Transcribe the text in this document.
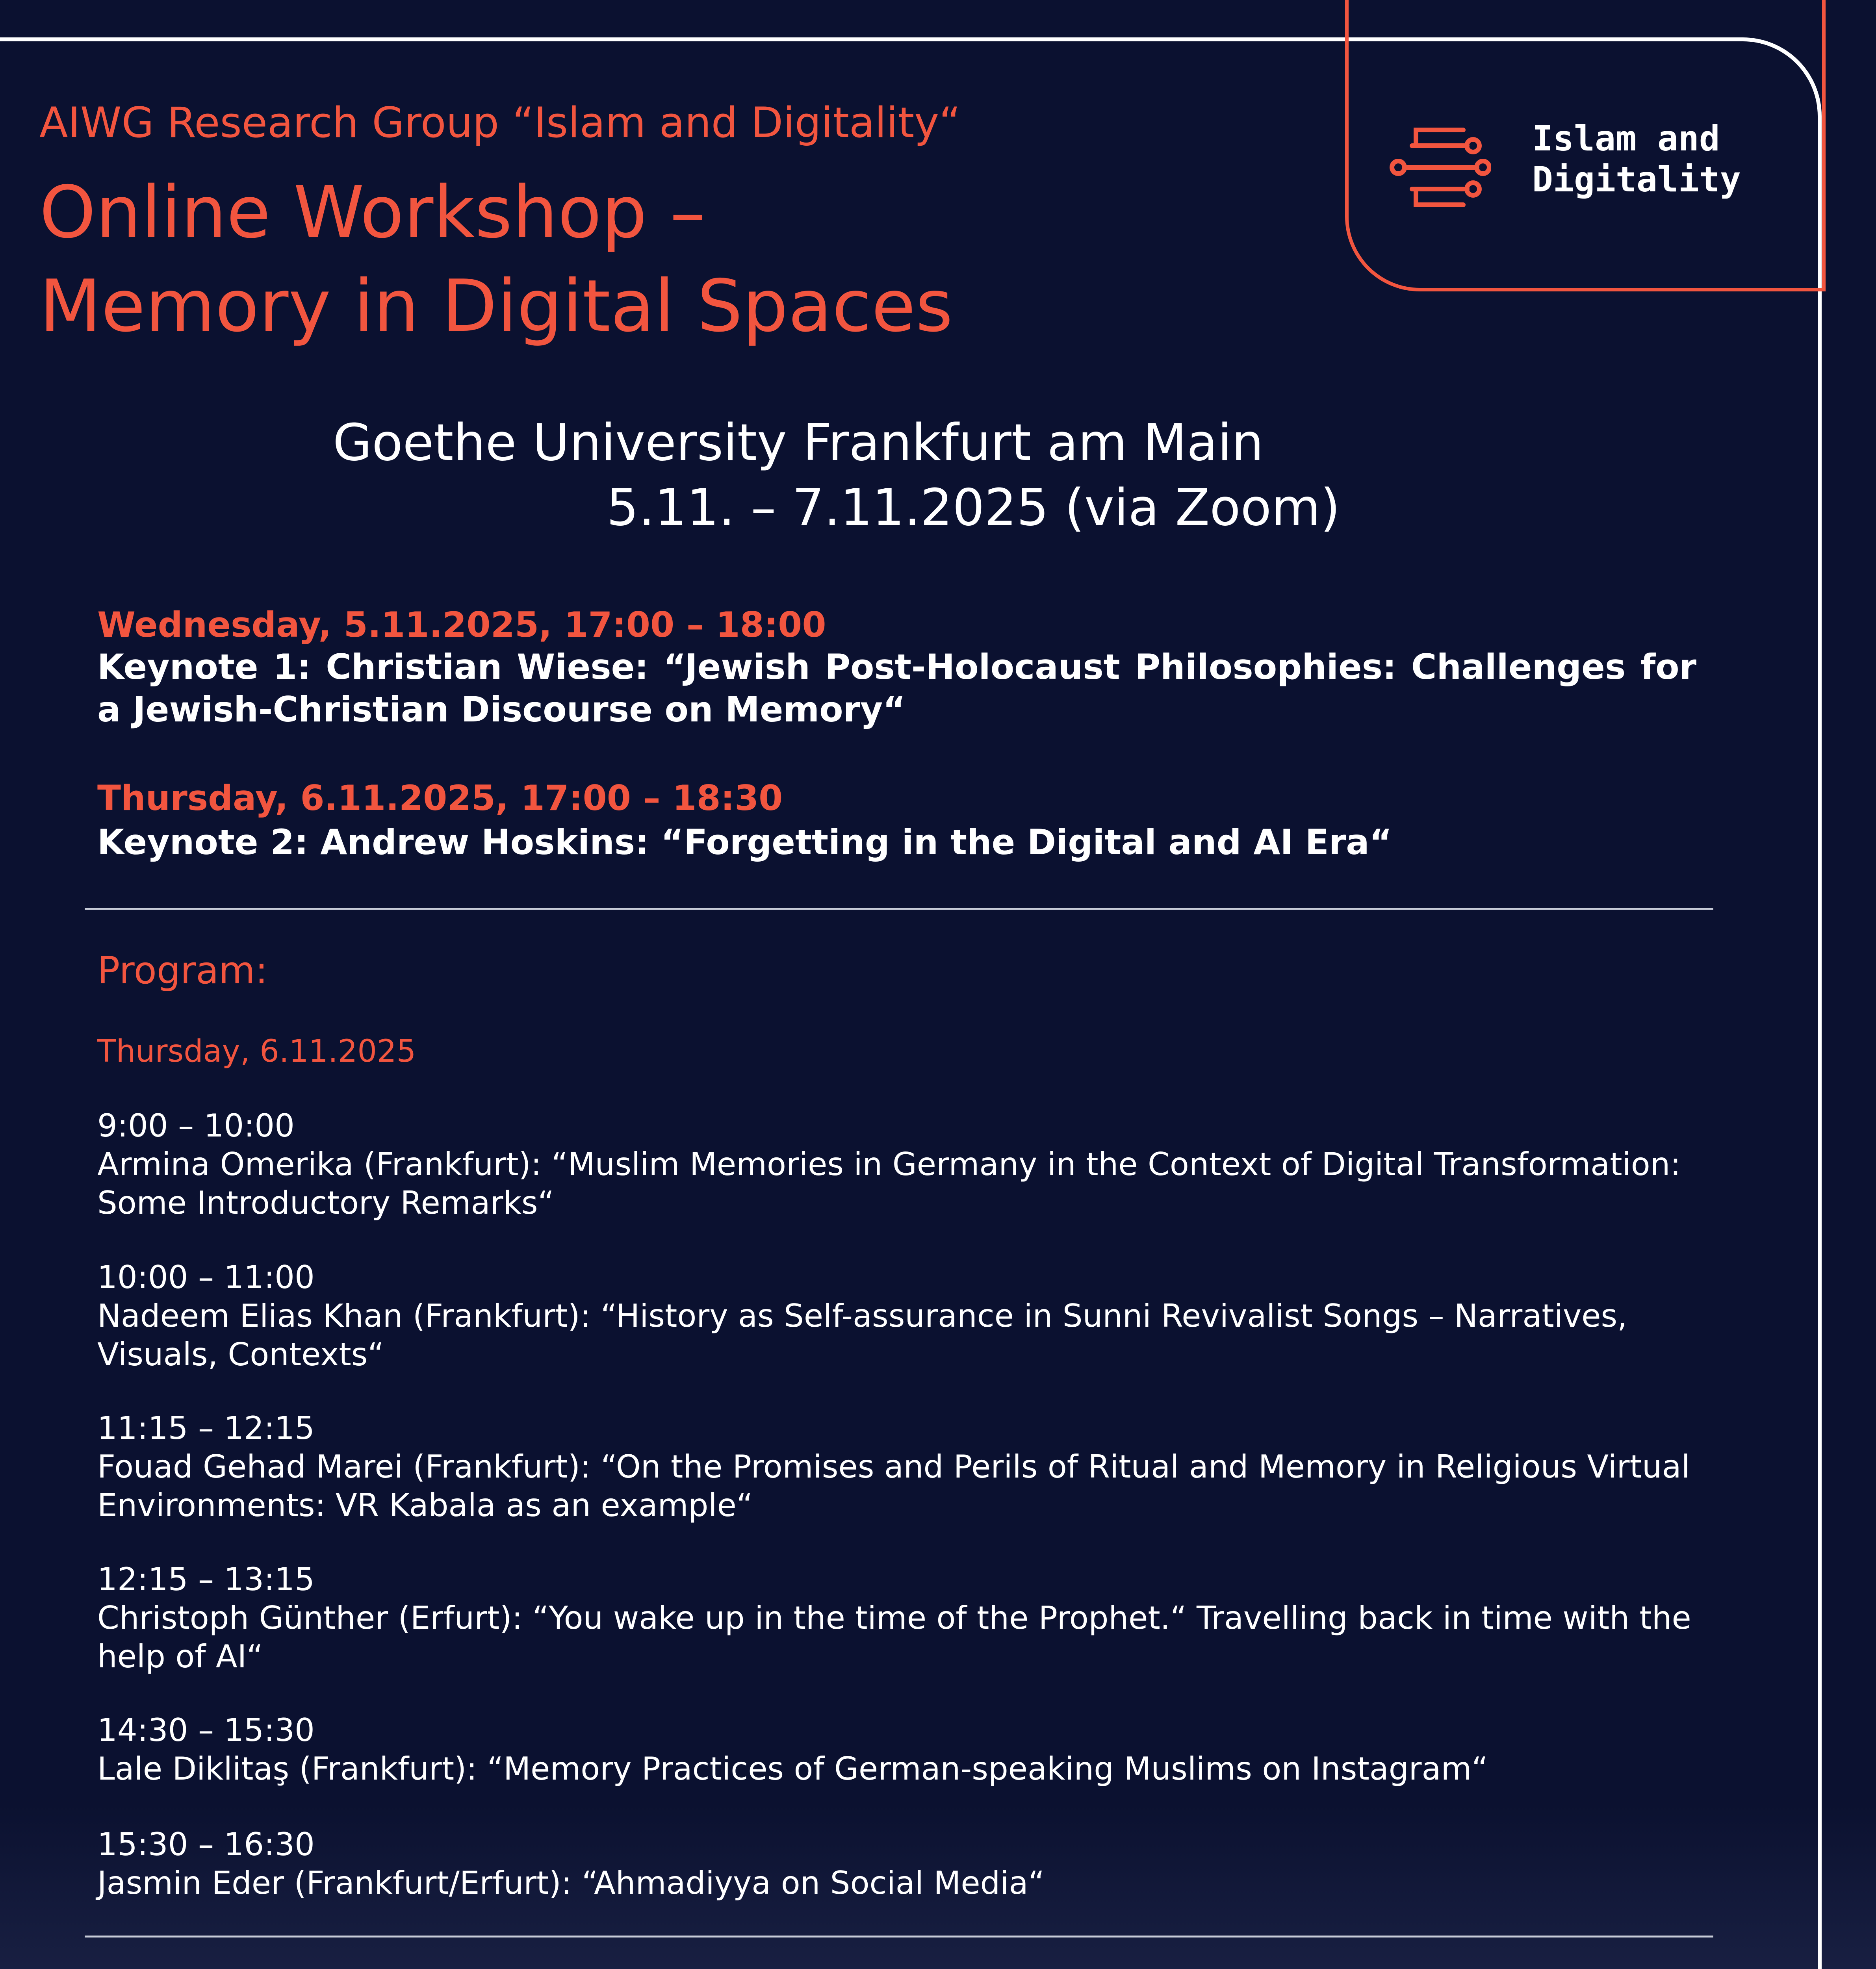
Islam and
Digitality
AIWG Research Group “Islam and Digitality“
Online Workshop –
Memory in Digital Spaces
Goethe University Frankfurt am Main
5.11. – 7.11.2025 (via Zoom)
Wednesday, 5.11.2025, 17:00 – 18:00
Keynote 1: Christian Wiese: “Jewish Post-Holocaust Philosophies: Challenges for a Jewish-Christian Discourse on Memory“
Thursday, 6.11.2025, 17:00 – 18:30
Keynote 2: Andrew Hoskins: “Forgetting in the Digital and AI Era“
Program:
Thursday, 6.11.2025
9:00 – 10:00
Armina Omerika (Frankfurt): “Muslim Memories in Germany in the Context of Digital Transformation: Some Introductory Remarks“
10:00 – 11:00
Nadeem Elias Khan (Frankfurt): “History as Self-assurance in Sunni Revivalist Songs – Narratives, Visuals, Contexts“
11:15 – 12:15
Fouad Gehad Marei (Frankfurt): “On the Promises and Perils of Ritual and Memory in Religious Virtual Environments: VR Kabala as an example“
12:15 – 13:15
Christoph Günther (Erfurt): “You wake up in the time of the Prophet.“ Travelling back in time with the help of AI“
14:30 – 15:30
Lale Diklitaş (Frankfurt): “Memory Practices of German-speaking Muslims on Instagram“
15:30 – 16:30
Jasmin Eder (Frankfurt/Erfurt): “Ahmadiyya on Social Media“
